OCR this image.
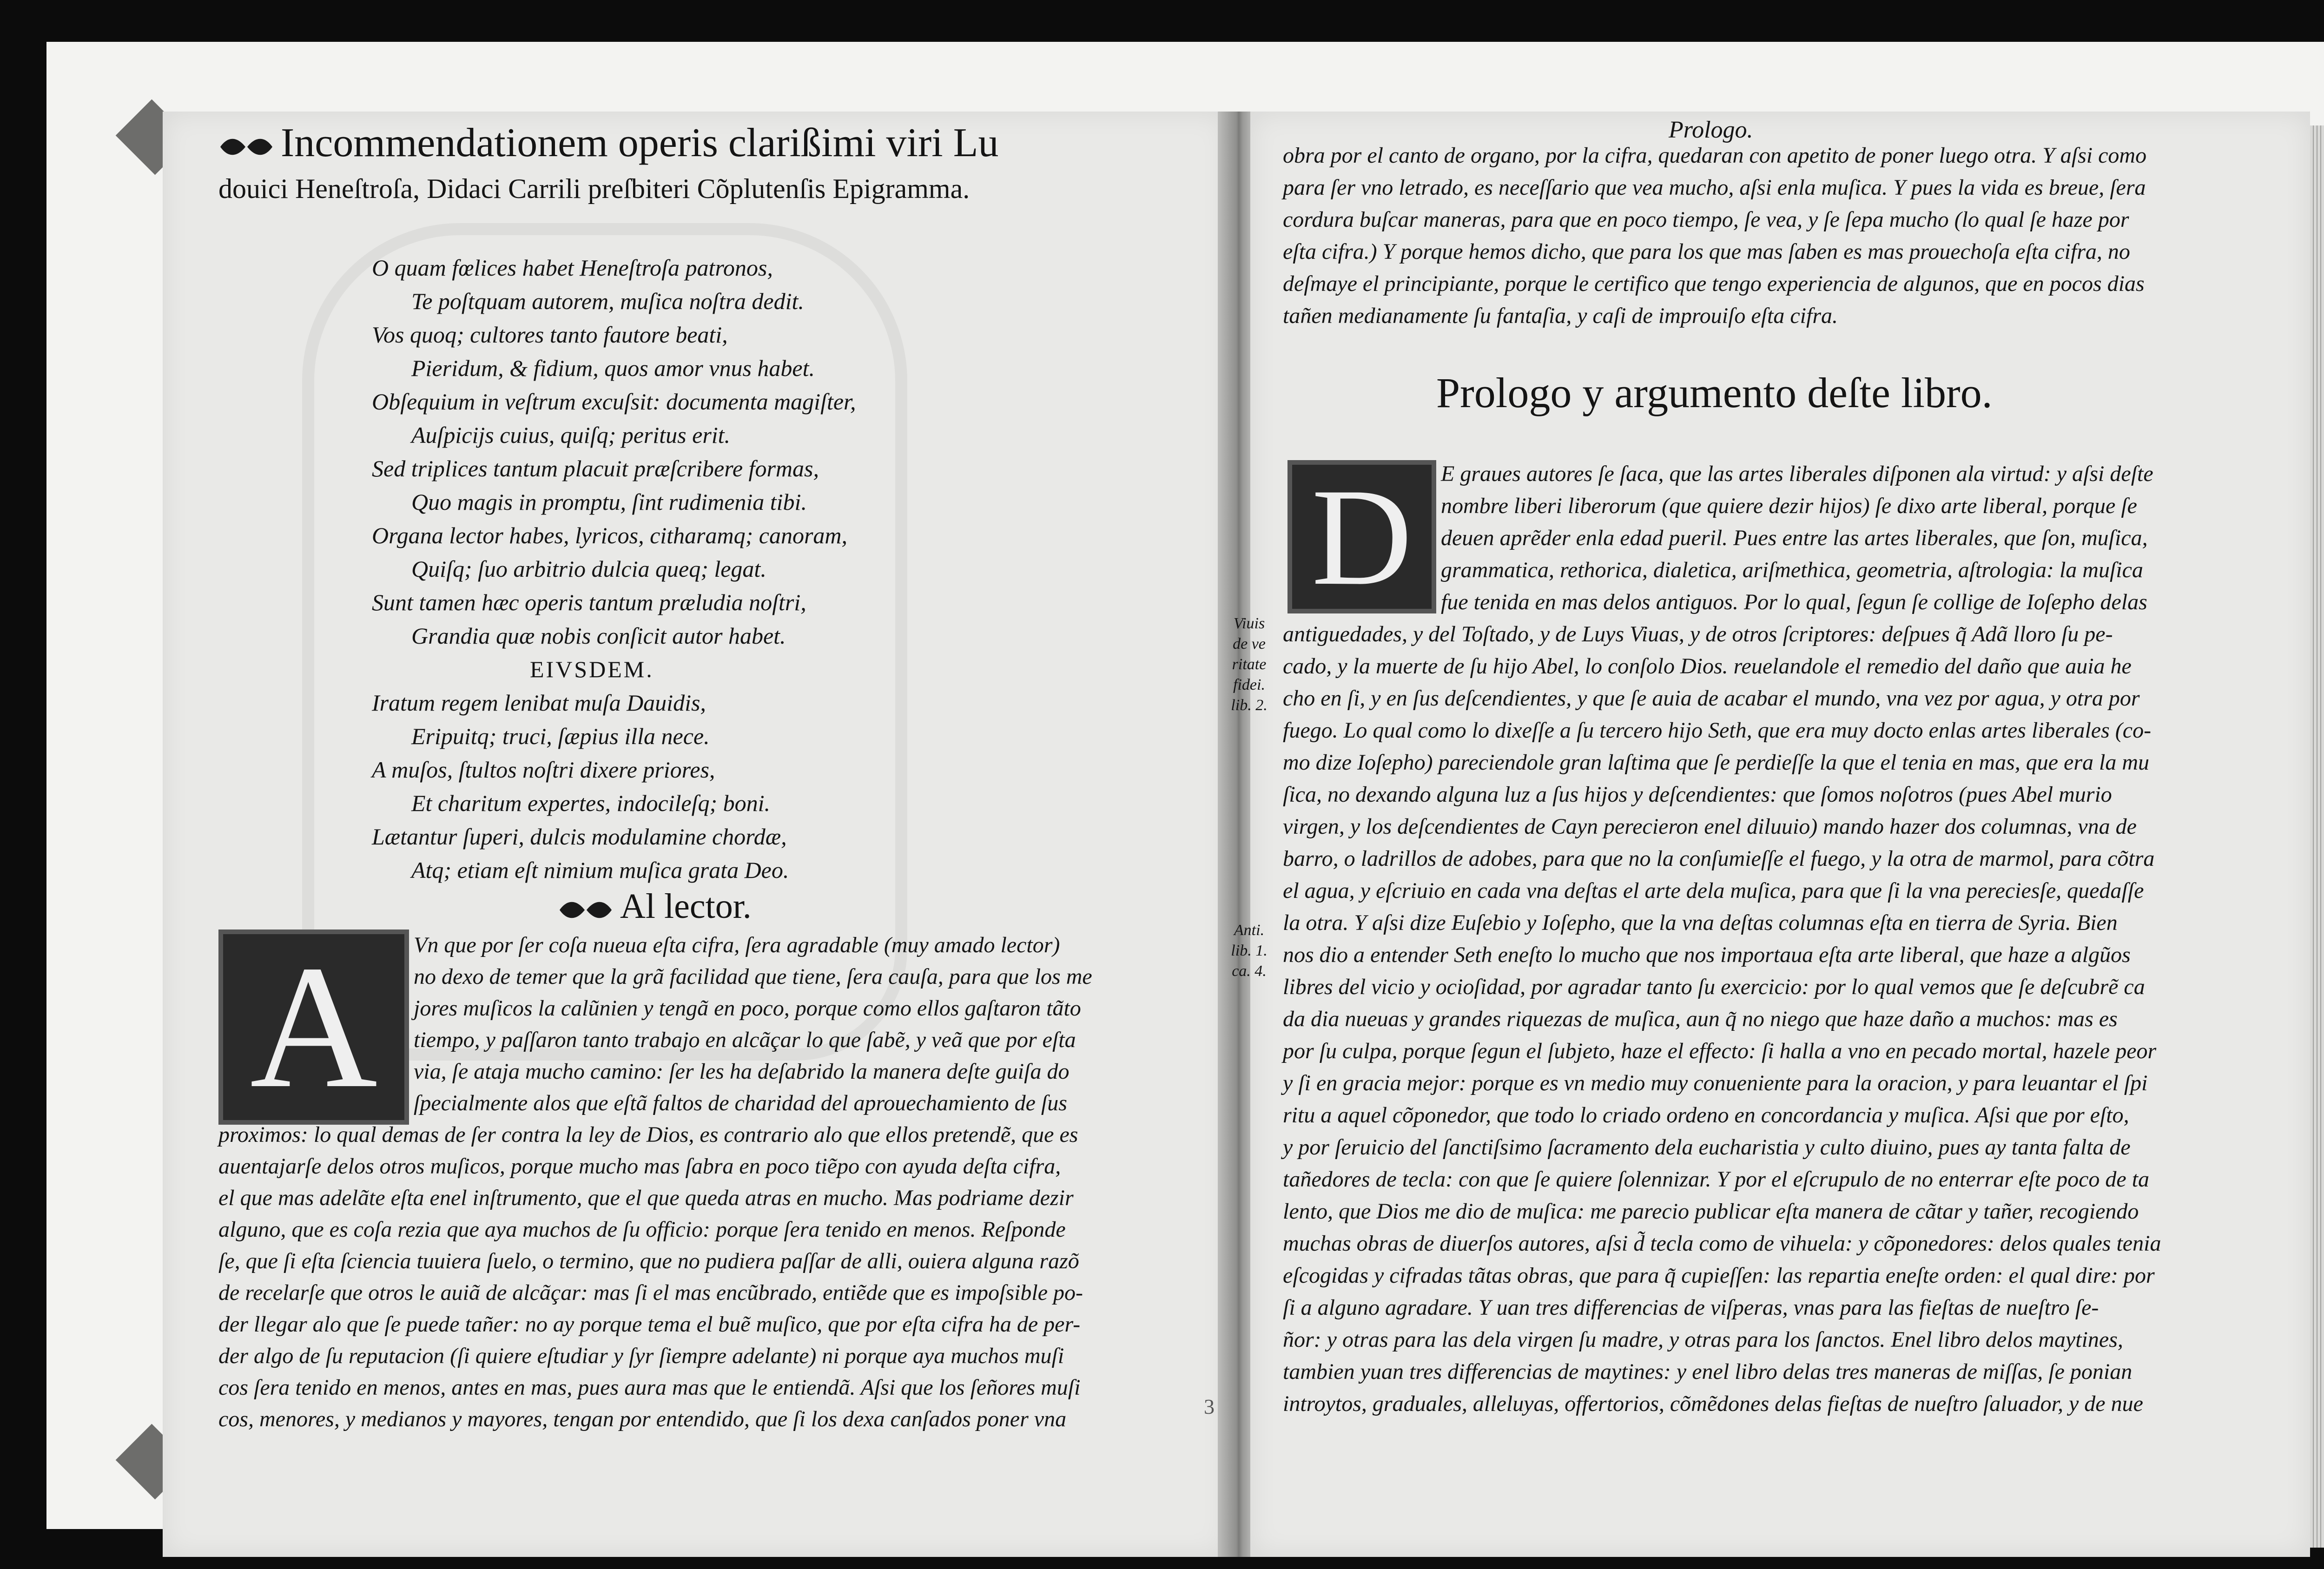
Incommendationem operis clarißimi viri Lu
douici Heneſtroſa, Didaci Carrili preſbiteri Cõplutenſis Epigramma.
O quam fœlices habet Heneſtroſa patronos,
Te poſtquam autorem, muſica noſtra dedit.
Vos quoq; cultores tanto fautore beati,
Pieridum, & fidium, quos amor vnus habet.
Obſequium in veſtrum excuſsit: documenta magiſter,
Auſpicijs cuius, quiſq; peritus erit.
Sed triplices tantum placuit præſcribere formas,
Quo magis in promptu, ſint rudimenia tibi.
Organa lector habes, lyricos, citharamq; canoram,
Quiſq; ſuo arbitrio dulcia queq; legat.
Sunt tamen hæc operis tantum præludia noſtri,
Grandia quæ nobis conſicit autor habet.
EIVSDEM.
Iratum regem lenibat muſa Dauidis,
Eripuitq; truci, ſæpius illa nece.
A muſos, ſtultos noſtri dixere priores,
Et charitum expertes, indocileſq; boni.
Lætantur ſuperi, dulcis modulamine chordæ,
Atq; etiam eſt nimium muſica grata Deo.
Al lector.
A	Vn que por ſer coſa nueua eſta cifra, ſera agradable (muy amado lector)
no dexo de temer que la grã facilidad que tiene, ſera cauſa, para que los me
jores muſicos la calũnien y tengã en poco, porque como ellos gaſtaron tãto
tiempo, y paſſaron tanto trabajo en alcãçar lo que ſabẽ, y veã que por eſta
via, ſe ataja mucho camino: ſer les ha deſabrido la manera deſte guiſa do
ſpecialmente alos que eſtã faltos de charidad del aprouechamiento de ſus
proximos: lo qual demas de ſer contra la ley de Dios, es contrario alo que ellos pretendẽ, que es
auentajarſe delos otros muſicos, porque mucho mas ſabra en poco tiẽpo con ayuda deſta cifra,
el que mas adelãte eſta enel inſtrumento, que el que queda atras en mucho. Mas podriame dezir
alguno, que es coſa rezia que aya muchos de ſu officio: porque ſera tenido en menos. Reſponde
ſe, que ſi eſta ſciencia tuuiera ſuelo, o termino, que no pudiera paſſar de alli, ouiera alguna razõ
de recelarſe que otros le auiã de alcãçar: mas ſi el mas encũbrado, entiẽde que es impoſsible po-
der llegar alo que ſe puede tañer: no ay porque tema el buẽ muſico, que por eſta cifra ha de per-
der algo de ſu reputacion (ſi quiere eſtudiar y ſyr ſiempre adelante) ni porque aya muchos muſi
cos ſera tenido en menos, antes en mas, pues aura mas que le entiendã. Aſsi que los ſeñores muſi
cos, menores, y medianos y mayores, tengan por entendido, que ſi los dexa canſados poner vna
Prologo.
obra por el canto de organo, por la cifra, quedaran con apetito de poner luego otra. Y aſsi como
para ſer vno letrado, es neceſſario que vea mucho, aſsi enla muſica. Y pues la vida es breue, ſera
cordura buſcar maneras, para que en poco tiempo, ſe vea, y ſe ſepa mucho (lo qual ſe haze por
eſta cifra.) Y porque hemos dicho, que para los que mas ſaben es mas prouechoſa eſta cifra, no
deſmaye el principiante, porque le certifico que tengo experiencia de algunos, que en pocos dias
tañen medianamente ſu fantaſia, y caſi de improuiſo eſta cifra.
Prologo y argumento deſte libro.
D	E graues autores ſe ſaca, que las artes liberales diſponen ala virtud: y aſsi deſte
nombre liberi liberorum (que quiere dezir hijos) ſe dixo arte liberal, porque ſe
deuen aprẽder enla edad pueril. Pues entre las artes liberales, que ſon, muſica,
grammatica, rethorica, dialetica, ariſmethica, geometria, aſtrologia: la muſica
fue tenida en mas delos antiguos. Por lo qual, ſegun ſe collige de Ioſepho delas
antiguedades, y del Toſtado, y de Luys Viuas, y de otros ſcriptores: deſpues q̃ Adã lloro ſu pe-
cado, y la muerte de ſu hijo Abel, lo conſolo Dios. reuelandole el remedio del daño que auia he
cho en ſi, y en ſus deſcendientes, y que ſe auia de acabar el mundo, vna vez por agua, y otra por
fuego. Lo qual como lo dixeſſe a ſu tercero hijo Seth, que era muy docto enlas artes liberales (co-
mo dize Ioſepho) pareciendole gran laſtima que ſe perdieſſe la que el tenia en mas, que era la mu
ſica, no dexando alguna luz a ſus hijos y deſcendientes: que ſomos noſotros (pues Abel murio
virgen, y los deſcendientes de Cayn perecieron enel diluuio) mando hazer dos columnas, vna de
barro, o ladrillos de adobes, para que no la conſumieſſe el fuego, y la otra de marmol, para cõtra
el agua, y eſcriuio en cada vna deſtas el arte dela muſica, para que ſi la vna pereciesſe, quedaſſe
la otra. Y aſsi dize Euſebio y Ioſepho, que la vna deſtas columnas eſta en tierra de Syria. Bien
nos dio a entender Seth eneſto lo mucho que nos importaua eſta arte liberal, que haze a algũos
libres del vicio y ocioſidad, por agradar tanto ſu exercicio: por lo qual vemos que ſe deſcubrẽ ca
da dia nueuas y grandes riquezas de muſica, aun q̃ no niego que haze daño a muchos: mas es
por ſu culpa, porque ſegun el ſubjeto, haze el effecto: ſi halla a vno en pecado mortal, hazele peor
y ſi en gracia mejor: porque es vn medio muy conueniente para la oracion, y para leuantar el ſpi
ritu a aquel cõponedor, que todo lo criado ordeno en concordancia y muſica. Aſsi que por eſto,
y por ſeruicio del ſanctiſsimo ſacramento dela eucharistia y culto diuino, pues ay tanta falta de
tañedores de tecla: con que ſe quiere ſolennizar. Y por el eſcrupulo de no enterrar eſte poco de ta
lento, que Dios me dio de muſica: me parecio publicar eſta manera de cãtar y tañer, recogiendo
muchas obras de diuerſos autores, aſsi d̃ tecla como de vihuela: y cõponedores: delos quales tenia
eſcogidas y cifradas tãtas obras, que para q̃ cupieſſen: las repartia eneſte orden: el qual dire: por
ſi a alguno agradare. Y uan tres differencias de viſperas, vnas para las fieſtas de nueſtro ſe-
ñor: y otras para las dela virgen ſu madre, y otras para los ſanctos. Enel libro delos maytines,
tambien yuan tres differencias de maytines: y enel libro delas tres maneras de miſſas, ſe ponian
introytos, graduales, alleluyas, offertorios, cõmẽdones delas fieſtas de nueſtro ſaluador, y de nue
Viuis
de ve
ritate
fidei.
lib. 2.
Anti.
lib. 1.
ca. 4.
3
